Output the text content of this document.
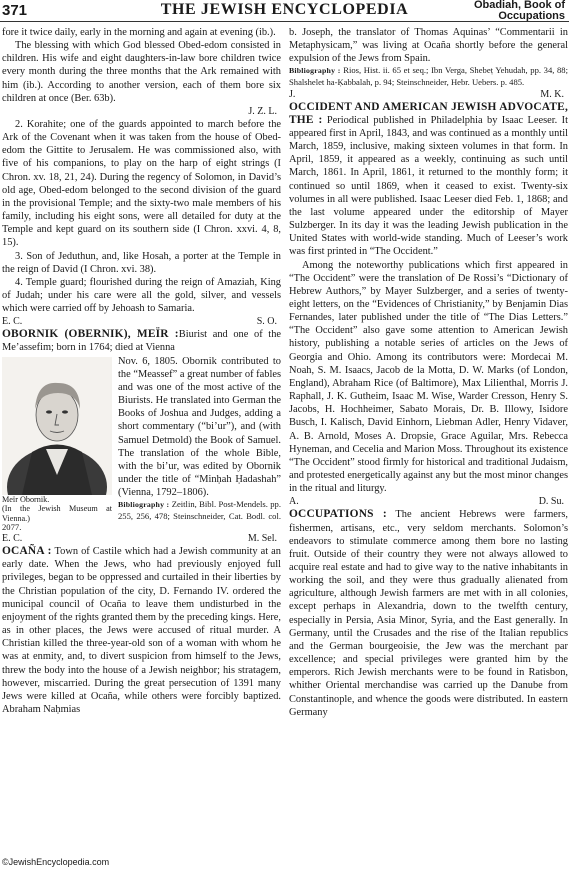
371	THE JEWISH ENCYCLOPEDIA	Obadiah, Book of
Occupations

fore it twice daily, early in the morning and again at evening (ib.).

The blessing with which God blessed Obed-edom consisted in children. His wife and eight daughters-in-law bore children twice every month during the three months that the Ark remained with him (ib.). According to another version, each of them bore six children at once (Ber. 63b).

J. Z. L.

2. Korahite; one of the guards appointed to march before the Ark of the Covenant when it was taken from the house of Obed-edom the Gittite to Jerusalem. He was commissioned also, with five of his companions, to play on the harp of eight strings (I Chron. xv. 18, 21, 24). During the regency of Solomon, in David’s old age, Obed-edom belonged to the second division of the guard in the provisional Temple; and the sixty-two male members of his family, including his eight sons, were all detailed for duty at the Temple and kept guard on its southern side (I Chron. xxvi. 4, 8, 15).

3. Son of Jeduthun, and, like Hosah, a porter at the Temple in the reign of David (I Chron. xvi. 38).

4. Temple guard; flourished during the reign of Amaziah, King of Judah; under his care were all the gold, silver, and vessels which were carried off by Jehoash to Samaria.

E. C.	S. O.

OBORNIK (OBERNIK), MEÏR :Biurist and one of the Me’assefim; born in 1764; died at Vienna

Meïr Obornik.
(In the Jewish Museum at Vienna.)

Nov. 6, 1805. Obornik contributed to the “Meassef” a great number of fables and was one of the most active of the Biurists. He translated into German the Books of Joshua and Judges, adding a short commentary (“bi’ur”), and (with Samuel Detmold) the Book of Samuel. The translation of the whole Bible, with the bi’ur, was edited by Obornik under the title of “Minḥah Ḥadashah” (Vienna, 1792–1806).

Bibliography : Zeitlin, Bibl. Post-Mendels. pp. 255, 256, 478; Steinschneider, Cat. Bodl. col. 2077.

E. C.	M. Sel.

OCAÑA : Town of Castile which had a Jewish community at an early date. When the Jews, who had previously enjoyed full privileges, began to be oppressed and curtailed in their liberties by the Christian population of the city, D. Fernando IV. ordered the municipal council of Ocaña to leave them undisturbed in the enjoyment of the rights granted them by the preceding kings. Here, as in other places, the Jews were accused of ritual murder. A Christian killed the three-year-old son of a woman with whom he was at enmity, and, to divert suspicion from himself to the Jews, threw the body into the house of a Jewish neighbor; his stratagem, however, miscarried. During the great persecution of 1391 many Jews were killed at Ocaña, while others were forcibly baptized. Abraham Naḥmias

b. Joseph, the translator of Thomas Aquinas’ “Commentarii in Metaphysicam,” was living at Ocaña shortly before the general expulsion of the Jews from Spain.

Bibliography : Rios, Hist. ii. 65 et seq.; Ibn Verga, Shebeṭ Yehudah, pp. 34, 88; Shalshelet ha-Ḳabbalah, p. 94; Steinschneider, Hebr. Uebers. p. 485.

J.	M. K.

OCCIDENT AND AMERICAN JEWISH ADVOCATE, THE : Periodical published in Philadelphia by Isaac Leeser. It appeared first in April, 1843, and was continued as a monthly until March, 1859, inclusive, making sixteen volumes in that form. In April, 1859, it appeared as a weekly, continuing as such until March, 1861. In April, 1861, it returned to the monthly form; it continued so until 1869, when it ceased to exist. Twenty-six volumes in all were published. Isaac Leeser died Feb. 1, 1868; and the last volume appeared under the editorship of Mayer Sulzberger. In its day it was the leading Jewish publication in the United States with world-wide standing. Much of Leeser’s work was first printed in “The Occident.”

Among the noteworthy publications which first appeared in “The Occident” were the translation of De Rossi’s “Dictionary of Hebrew Authors,” by Mayer Sulzberger, and a series of twenty-eight letters, on the “Evidences of Christianity,” by Benjamin Dias Fernandes, later published under the title of “The Dias Letters.” “The Occident” also gave some attention to American Jewish history, publishing a notable series of articles on the Jews of Georgia and Ohio. Among its contributors were: Mordecai M. Noah, S. M. Isaacs, Jacob de la Motta, D. W. Marks (of London, England), Abraham Rice (of Baltimore), Max Lilienthal, Morris J. Raphall, J. K. Gutheim, Isaac M. Wise, Warder Cresson, Henry S. Jacobs, H. Hochheimer, Sabato Morais, Dr. B. Illowy, Isidore Busch, I. Kalisch, David Einhorn, Liebman Adler, Henry Vidaver, A. B. Arnold, Moses A. Dropsie, Grace Aguilar, Mrs. Rebecca Hyneman, and Cecelia and Marion Moss. Throughout its existence “The Occident” stood firmly for historical and traditional Judaism, and protested energetically against any but the most minor changes in the ritual and liturgy.

A.	D. Su.

OCCUPATIONS : The ancient Hebrews were farmers, fishermen, artisans, etc., very seldom merchants. Solomon’s endeavors to stimulate commerce among them bore no lasting fruit. Outside of their country they were not always allowed to acquire real estate and had to give way to the native inhabitants in working the soil, and they were thus gradually alienated from agriculture, although Jewish farmers are met with in all colonies, except perhaps in Alexandria, down to the twelfth century, especially in Persia, Asia Minor, Syria, and the East generally. In Germany, until the Crusades and the rise of the Italian republics and the German bourgeoisie, the Jew was the merchant par excellence; and special privileges were granted him by the emperors. Rich Jewish merchants were to be found in Ratisbon, whither Oriental merchandise was carried up the Danube from Constantinople, and whence the goods were distributed. In eastern Germany

©JewishEncyclopedia.com
